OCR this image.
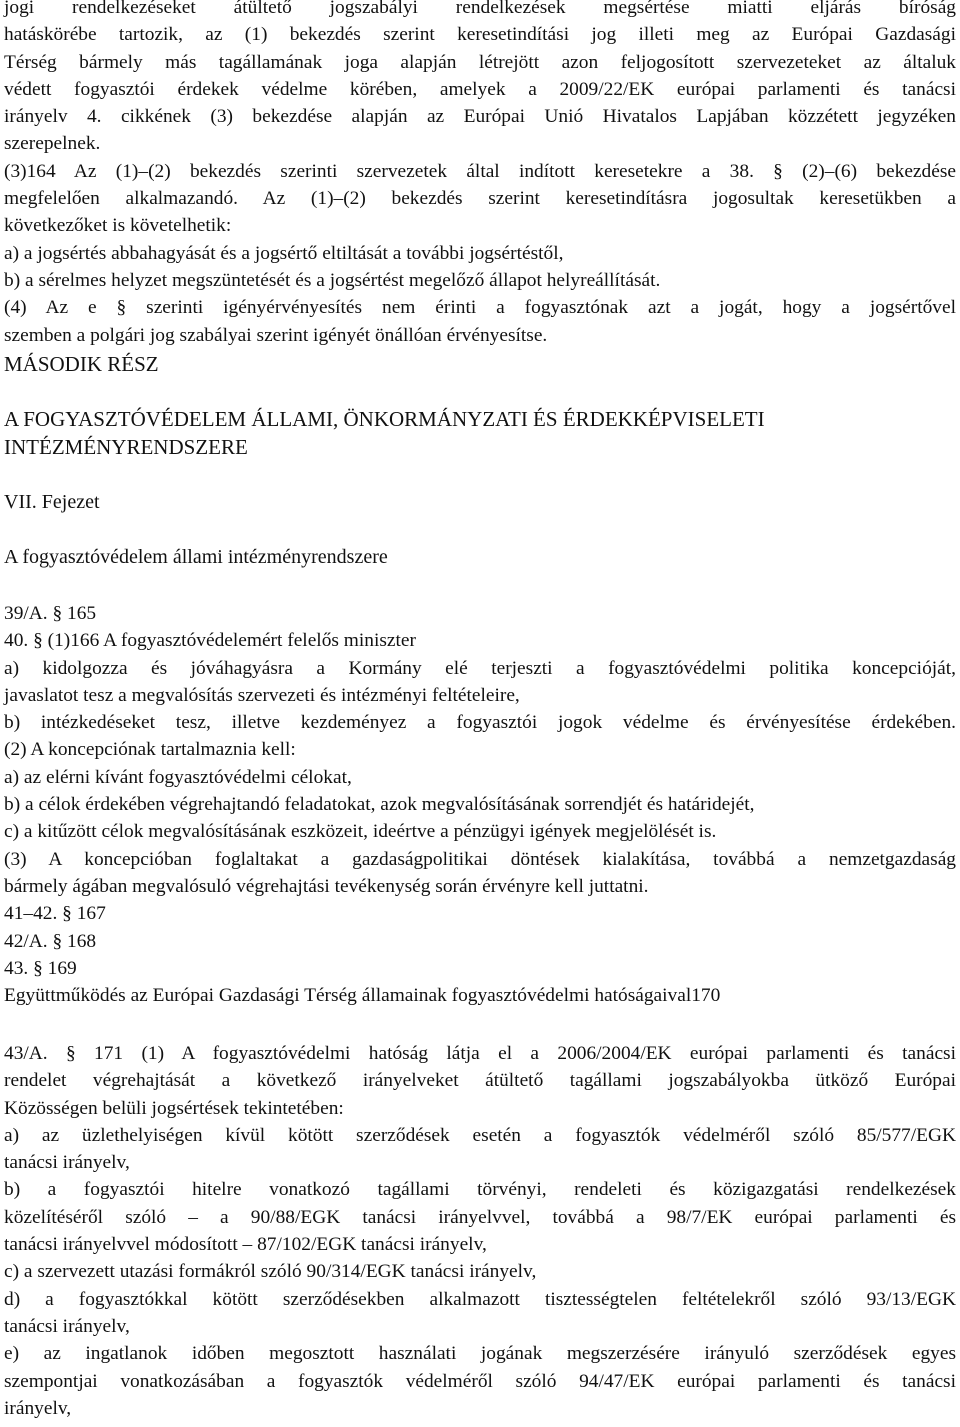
jogi rendelkezéseket átültető jogszabályi rendelkezések megsértése miatti eljárás bíróság

hatáskörébe tartozik, az (1) bekezdés szerint keresetindítási jog illeti meg az Európai Gazdasági

Térség bármely más tagállamának joga alapján létrejött azon feljogosított szervezeteket az általuk

védett fogyasztói érdekek védelme körében, amelyek a 2009/22/EK európai parlamenti és tanácsi

irányelv 4. cikkének (3) bekezdése alapján az Európai Unió Hivatalos Lapjában közzétett jegyzéken

szerepelnek.

(3)164 Az (1)‒(2) bekezdés szerinti szervezetek által indított keresetekre a 38. § (2)‒(6) bekezdése

megfelelően alkalmazandó. Az (1)‒(2) bekezdés szerint keresetindításra jogosultak keresetükben a

következőket is követelhetik:

a) a jogsértés abbahagyását és a jogsértő eltiltását a további jogsértéstől,

b) a sérelmes helyzet megszüntetését és a jogsértést megelőző állapot helyreállítását.

(4) Az e § szerinti igényérvényesítés nem érinti a fogyasztónak azt a jogát, hogy a jogsértővel

szemben a polgári jog szabályai szerint igényét önállóan érvényesítse.

MÁSODIK RÉSZ
A FOGYASZTÓVÉDELEM ÁLLAMI, ÖNKORMÁNYZATI ÉS ÉRDEKKÉPVISELETI
INTÉZMÉNYRENDSZERE
VII. Fejezet
A fogyasztóvédelem állami intézményrendszere

39/A. § 165

40. § (1)166 A fogyasztóvédelemért felelős miniszter

a) kidolgozza és jóváhagyásra a Kormány elé terjeszti a fogyasztóvédelmi politika koncepcióját,

javaslatot tesz a megvalósítás szervezeti és intézményi feltételeire,

b) intézkedéseket tesz, illetve kezdeményez a fogyasztói jogok védelme és érvényesítése érdekében.

(2) A koncepciónak tartalmaznia kell:

a) az elérni kívánt fogyasztóvédelmi célokat,

b) a célok érdekében végrehajtandó feladatokat, azok megvalósításának sorrendjét és határidejét,

c) a kitűzött célok megvalósításának eszközeit, ideértve a pénzügyi igények megjelölését is.

(3) A koncepcióban foglaltakat a gazdaságpolitikai döntések kialakítása, továbbá a nemzetgazdaság

bármely ágában megvalósuló végrehajtási tevékenység során érvényre kell juttatni.

41‒42. § 167

42/A. § 168

43. § 169

Együttműködés az Európai Gazdasági Térség államainak fogyasztóvédelmi hatóságaival170

43/A. § 171 (1) A fogyasztóvédelmi hatóság látja el a 2006/2004/EK európai parlamenti és tanácsi

rendelet végrehajtását a következő irányelveket átültető tagállami jogszabályokba ütköző Európai

Közösségen belüli jogsértések tekintetében:

a) az üzlethelyiségen kívül kötött szerződések esetén a fogyasztók védelméről szóló 85/577/EGK

tanácsi irányelv,

b) a fogyasztói hitelre vonatkozó tagállami törvényi, rendeleti és közigazgatási rendelkezések

közelítéséről szóló ‒ a 90/88/EGK tanácsi irányelvvel, továbbá a 98/7/EK európai parlamenti és

tanácsi irányelvvel módosított ‒ 87/102/EGK tanácsi irányelv,

c) a szervezett utazási formákról szóló 90/314/EGK tanácsi irányelv,

d) a fogyasztókkal kötött szerződésekben alkalmazott tisztességtelen feltételekről szóló 93/13/EGK

tanácsi irányelv,

e) az ingatlanok időben megosztott használati jogának megszerzésére irányuló szerződések egyes

szempontjai vonatkozásában a fogyasztók védelméről szóló 94/47/EK európai parlamenti és tanácsi

irányelv,
